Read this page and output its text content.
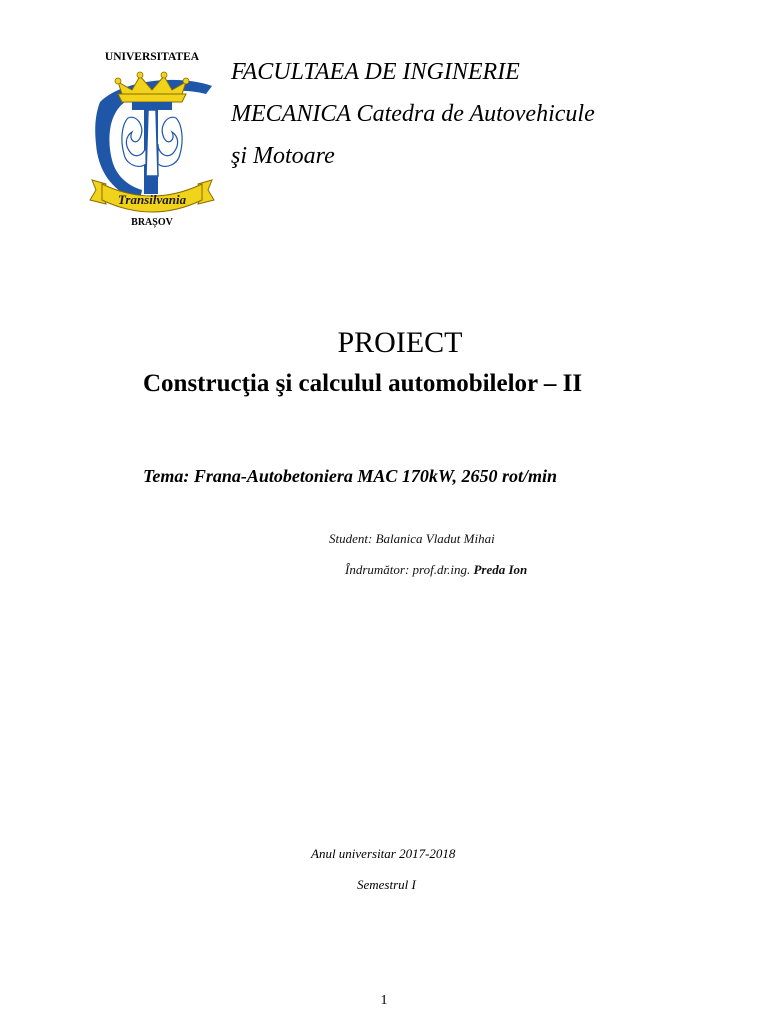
UNIVERSITATEA
Transilvania
BRAȘOV
FACULTAEA DE INGINERIE
MECANICA Catedra de Autovehicule
şi Motoare
PROIECT
Construcţia şi calculul automobilelor – II
Tema: Frana-Autobetoniera MAC 170kW, 2650 rot/min
Student: Balanica Vladut Mihai
Îndrumător: prof.dr.ing. Preda Ion
Anul universitar 2017-2018
Semestrul I
1
